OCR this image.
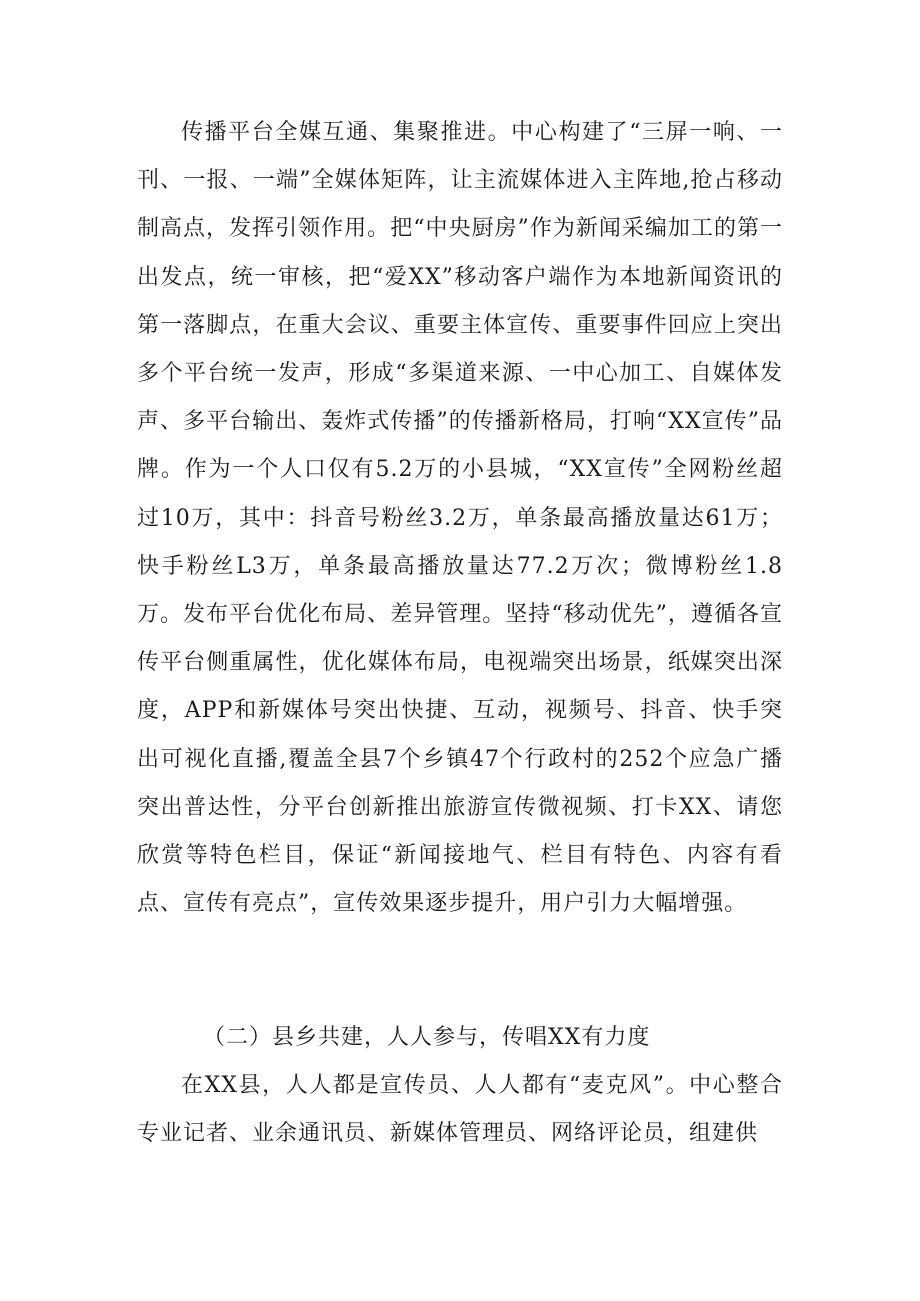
传播平台全媒互通、集聚推进。中心构建了“三屏一响、一刊、一报、一端”全媒体矩阵，让主流媒体进入主阵地,抢占移动制高点，发挥引领作用。把“中央厨房”作为新闻采编加工的第一出发点，统一审核，把“爱XX”移动客户端作为本地新闻资讯的第一落脚点，在重大会议、重要主体宣传、重要事件回应上突出多个平台统一发声，形成“多渠道来源、一中心加工、自媒体发声、多平台输出、轰炸式传播”的传播新格局，打响“XX宣传”品牌。作为一个人口仅有5.2万的小县城，“XX宣传”全网粉丝超过10万，其中：抖音号粉丝3.2万，单条最高播放量达61万；快手粉丝L3万，单条最高播放量达77.2万次；微博粉丝1.8万。发布平台优化布局、差异管理。坚持“移动优先”，遵循各宣传平台侧重属性，优化媒体布局，电视端突出场景，纸媒突出深度，APP和新媒体号突出快捷、互动，视频号、抖音、快手突出可视化直播,覆盖全县7个乡镇47个行政村的252个应急广播突出普达性，分平台创新推出旅游宣传微视频、打卡XX、请您欣赏等特色栏目，保证“新闻接地气、栏目有特色、内容有看点、宣传有亮点”，宣传效果逐步提升，用户引力大幅增强。

（二）县乡共建，人人参与，传唱XX有力度

在XX县，人人都是宣传员、人人都有“麦克风”。中心整合专业记者、业余通讯员、新媒体管理员、网络评论员，组建供
